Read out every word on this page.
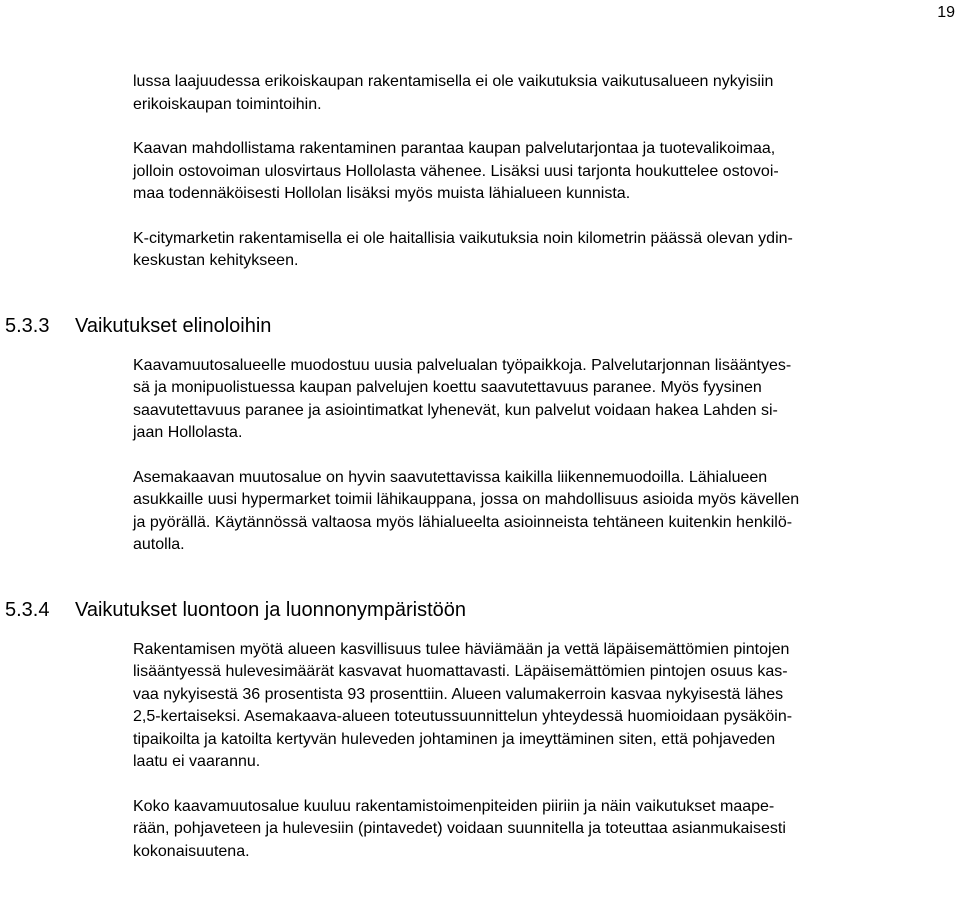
19

lussa laajuudessa erikoiskaupan rakentamisella ei ole vaikutuksia vaikutusalueen nykyisiin
erikoiskaupan toimintoihin.

Kaavan mahdollistama rakentaminen parantaa kaupan palvelutarjontaa ja tuotevalikoimaa,
jolloin ostovoiman ulosvirtaus Hollolasta vähenee. Lisäksi uusi tarjonta houkuttelee ostovoi-
maa todennäköisesti Hollolan lisäksi myös muista lähialueen kunnista.

K-citymarketin rakentamisella ei ole haitallisia vaikutuksia noin kilometrin päässä olevan ydin-
keskustan kehitykseen.

5.3.3 Vaikutukset elinoloihin

Kaavamuutosalueelle muodostuu uusia palvelualan työpaikkoja. Palvelutarjonnan lisääntyes-
sä ja monipuolistuessa kaupan palvelujen koettu saavutettavuus paranee. Myös fyysinen
saavutettavuus paranee ja asiointimatkat lyhenevät, kun palvelut voidaan hakea Lahden si-
jaan Hollolasta.

Asemakaavan muutosalue on hyvin saavutettavissa kaikilla liikennemuodoilla. Lähialueen
asukkaille uusi hypermarket toimii lähikauppana, jossa on mahdollisuus asioida myös kävellen
ja pyörällä. Käytännössä valtaosa myös lähialueelta asioinneista tehtäneen kuitenkin henkilö-
autolla.

5.3.4 Vaikutukset luontoon ja luonnonympäristöön

Rakentamisen myötä alueen kasvillisuus tulee häviämään ja vettä läpäisemättömien pintojen
lisääntyessä hulevesimäärät kasvavat huomattavasti. Läpäisemättömien pintojen osuus kas-
vaa nykyisestä 36 prosentista 93 prosenttiin. Alueen valumakerroin kasvaa nykyisestä lähes
2,5-kertaiseksi. Asemakaava-alueen toteutussuunnittelun yhteydessä huomioidaan pysäköin-
tipaikoilta ja katoilta kertyvän huleveden johtaminen ja imeyttäminen siten, että pohjaveden
laatu ei vaarannu.

Koko kaavamuutosalue kuuluu rakentamistoimenpiteiden piiriin ja näin vaikutukset maape-
rään, pohjaveteen ja hulevesiin (pintavedet) voidaan suunnitella ja toteuttaa asianmukaisesti
kokonaisuutena.
